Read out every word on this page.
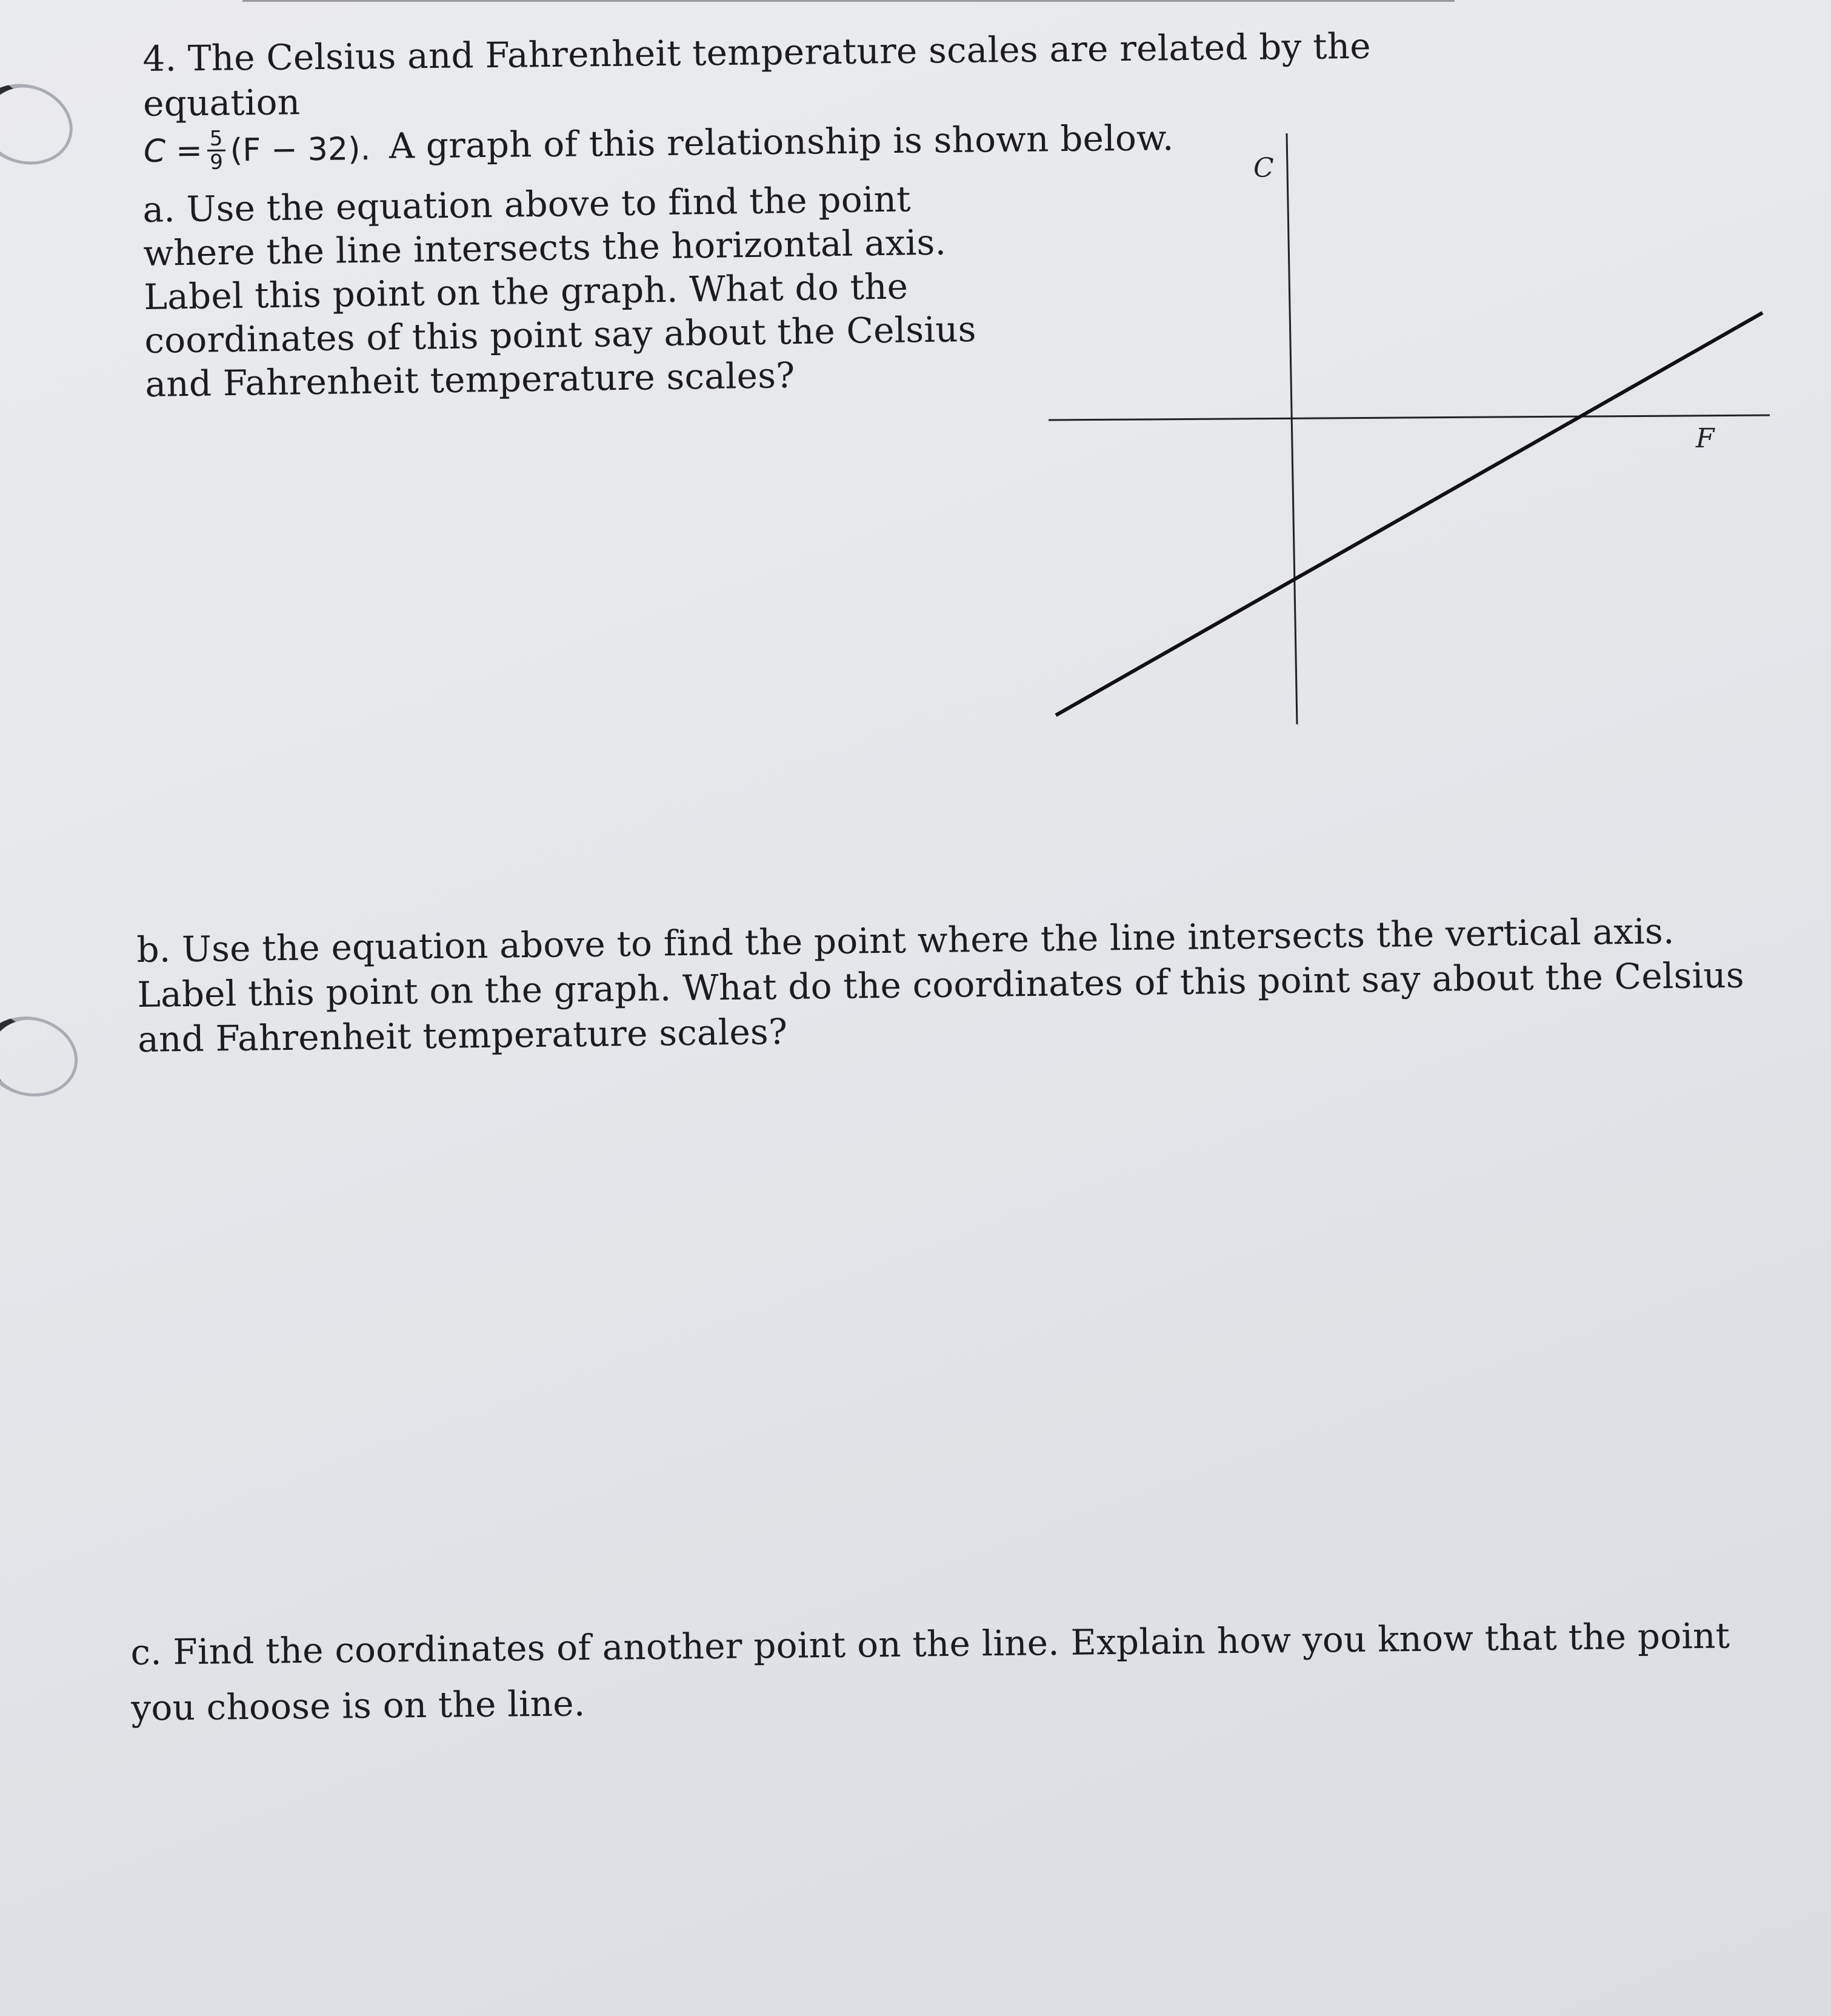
4. The Celsius and Fahrenheit temperature scales are related by the equation

$C = \frac{5}{9} (F - 32)$. A graph of this relationship is shown below.

a. Use the equation above to find the point where the line intersects the horizontal axis. Label this point on the graph. What do the coordinates of this point say about the Celsius and Fahrenheit temperature scales?

b. Use the equation above to find the point where the line intersects the vertical axis. Label this point on the graph. What do the coordinates of this point say about the Celsius and Fahrenheit temperature scales?

c. Find the coordinates of another point on the line. Explain how you know that the point you choose is on the line.

C
F
